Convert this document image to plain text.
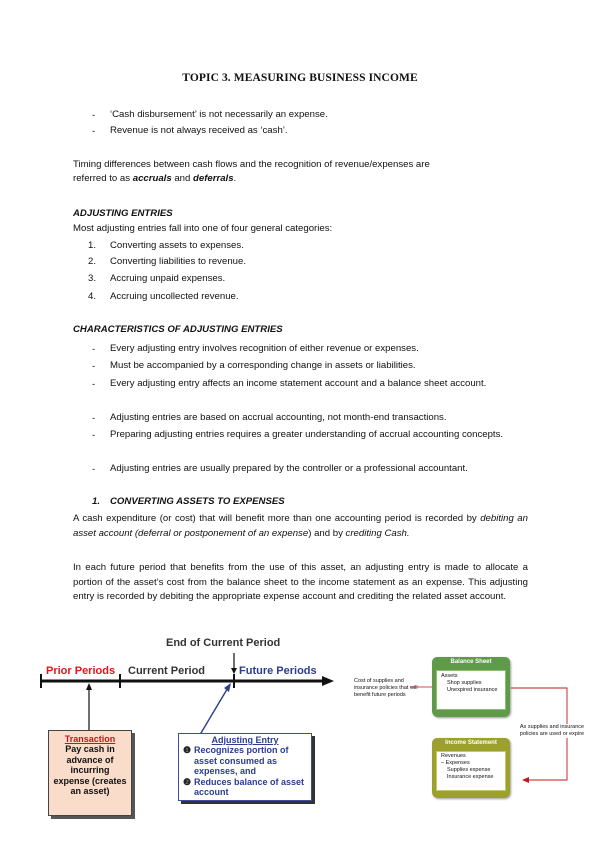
TOPIC 3. MEASURING BUSINESS INCOME
- ‘Cash disbursement’ is not necessarily an expense.
- Revenue is not always received as ‘cash’.
Timing differences between cash flows and the recognition of revenue/expenses are
referred to as accruals and deferrals.
ADJUSTING ENTRIES
Most adjusting entries fall into one of four general categories:
1. Converting assets to expenses.
2. Converting liabilities to revenue.
3. Accruing unpaid expenses.
4. Accruing uncollected revenue.
CHARACTERISTICS OF ADJUSTING ENTRIES
- Every adjusting entry involves recognition of either revenue or expenses.
- Must be accompanied by a corresponding change in assets or liabilities.
- Every adjusting entry affects an income statement account and a balance sheet account.
- Adjusting entries are based on accrual accounting, not month-end transactions.
- Preparing adjusting entries requires a greater understanding of accrual accounting concepts.
- Adjusting entries are usually prepared by the controller or a professional accountant.
1. CONVERTING ASSETS TO EXPENSES
A cash expenditure (or cost) that will benefit more than one accounting period is recorded by debiting an asset account (deferral or postponement of an expense) and by crediting Cash.
In each future period that benefits from the use of this asset, an adjusting entry is made to allocate a portion of the asset’s cost from the balance sheet to the income statement as an expense. This adjusting entry is recorded by debiting the appropriate expense account and crediting the related asset account.
End of Current Period
Prior Periods Current Period	Future Periods
Transaction
Pay cash in advance of incurring expense (creates an asset)
Adjusting Entry
❶ Recognizes portion of asset consumed as expenses, and
❷ Reduces balance of asset account
Cost of supplies and insurance policies that will benefit future periods
Balance Sheet
Assets
Shop supplies
Unexpired insurance
As supplies and insurance policies are used or expire
Income Statement
Revenues
– Expenses
Supplies expense
Insurance expense
